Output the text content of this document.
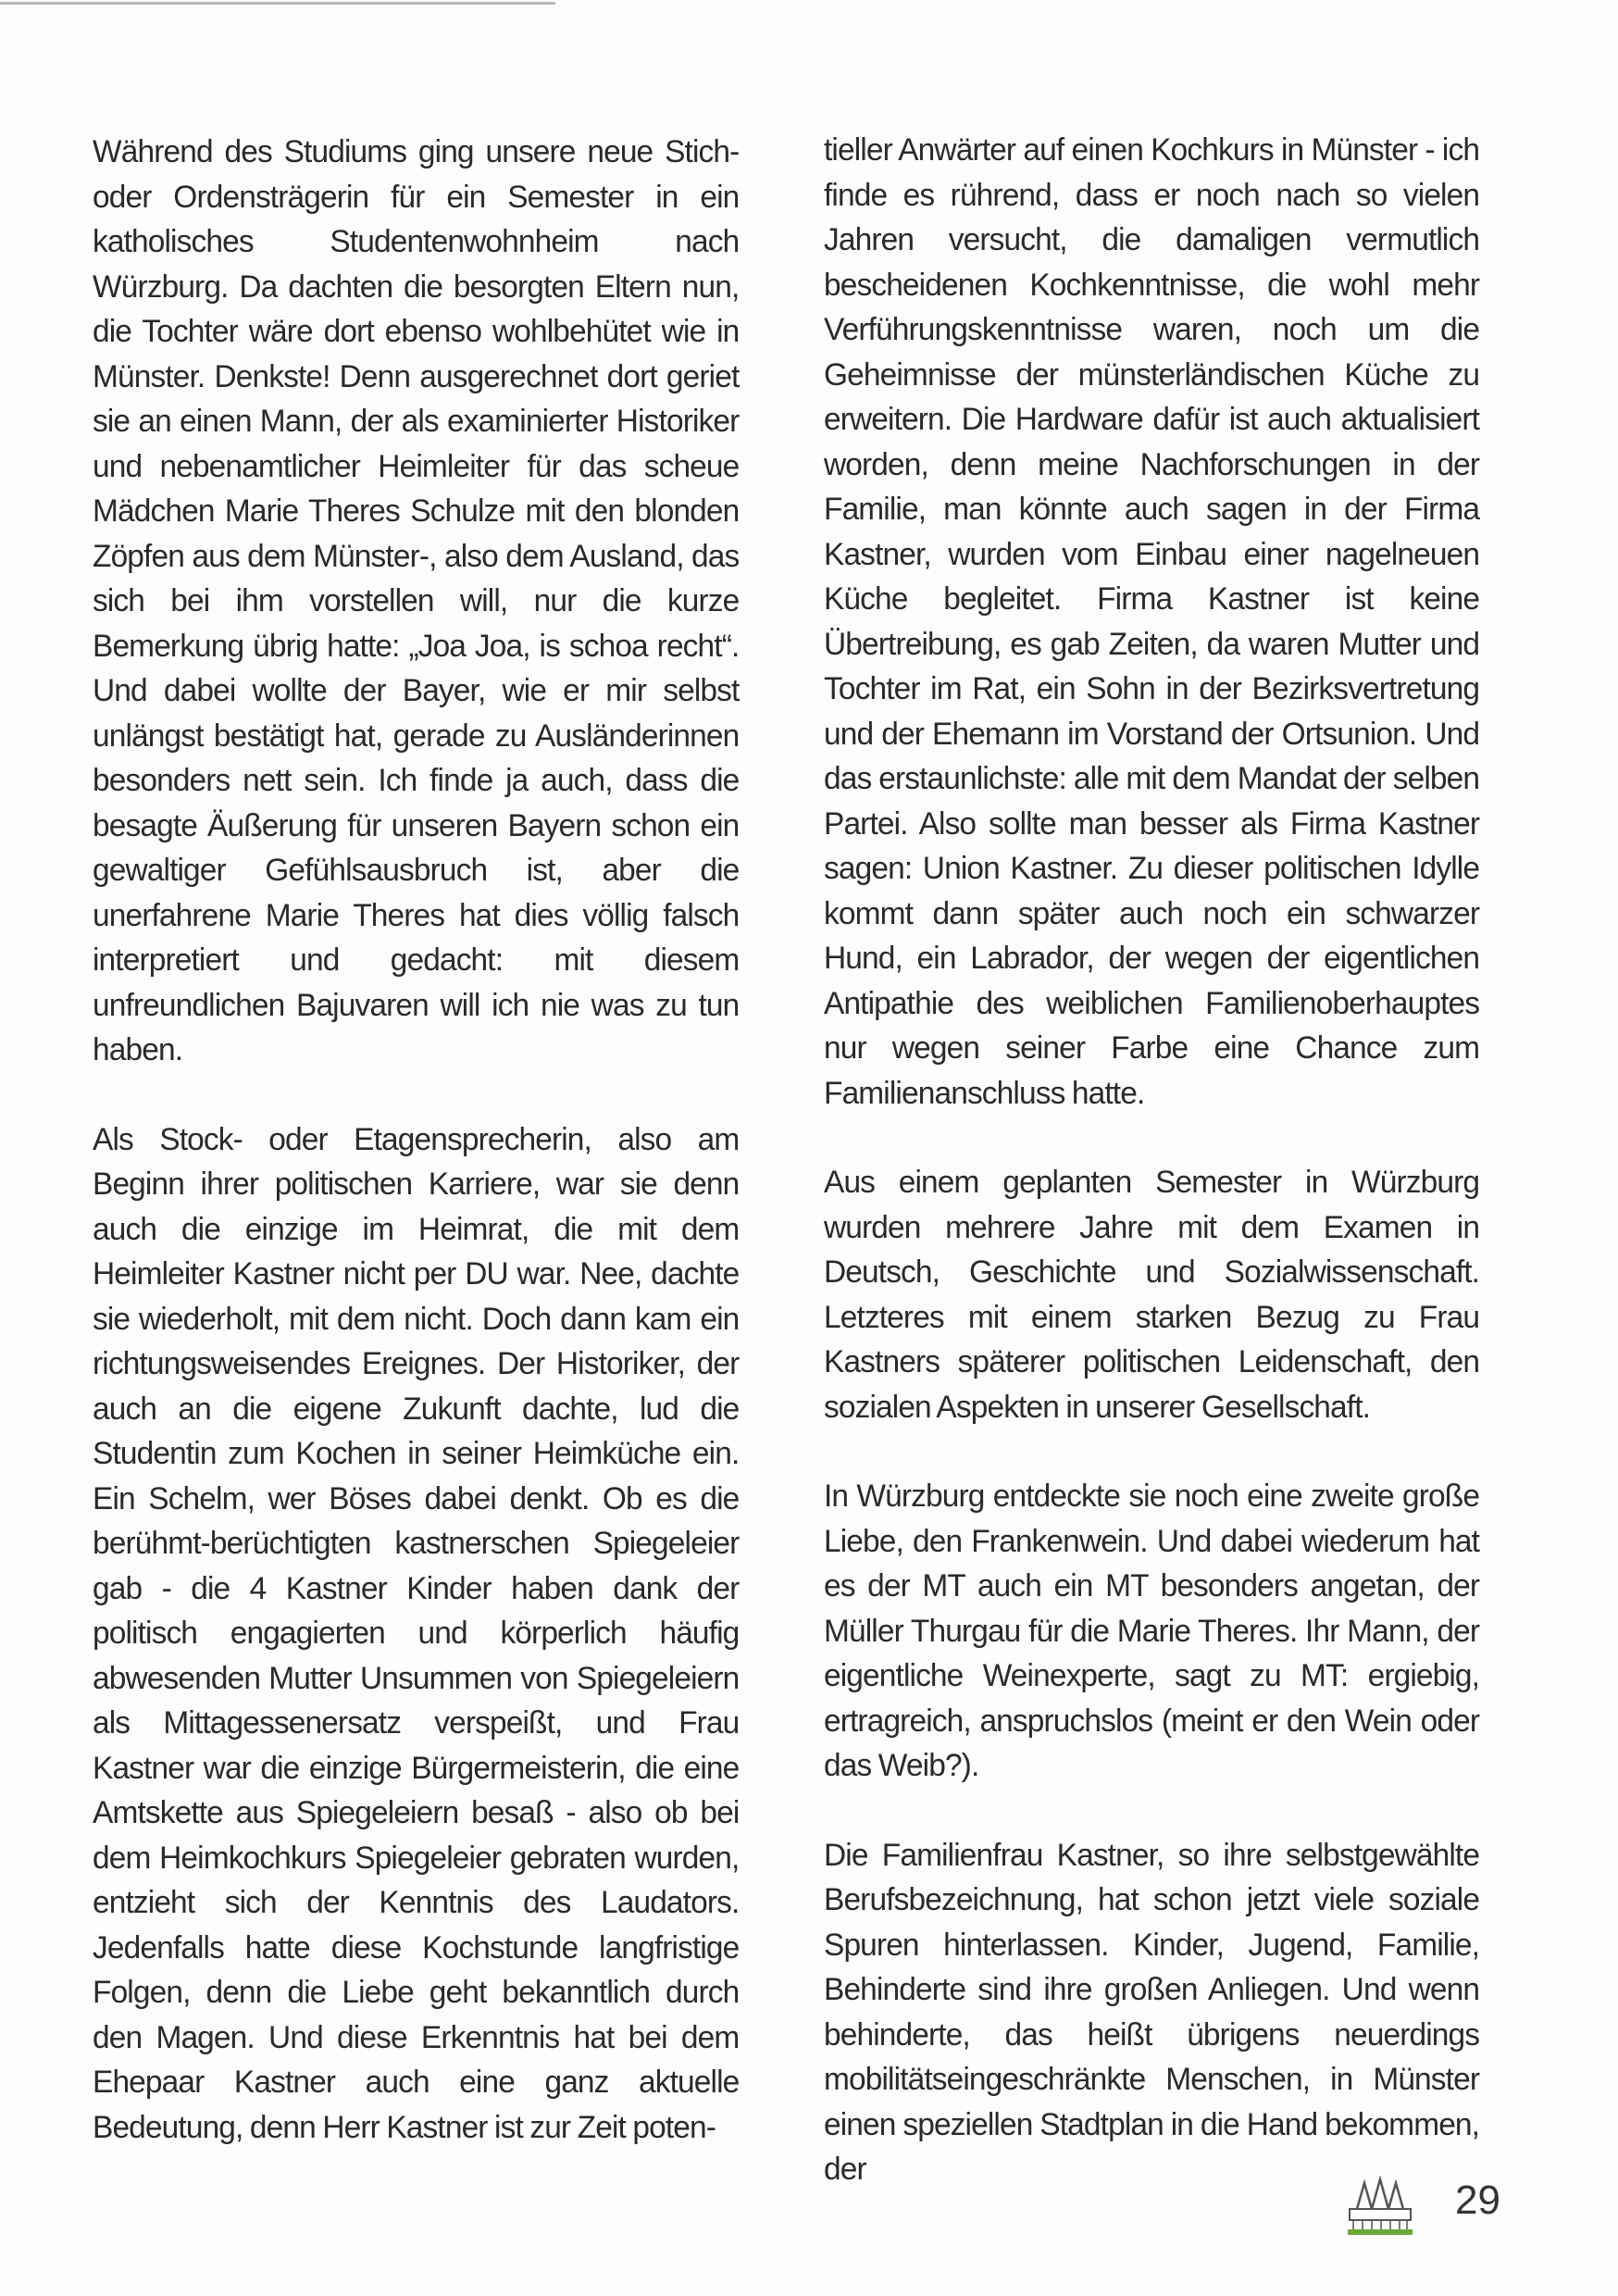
Während des Studiums ging unsere neue Stich- oder Ordensträgerin für ein Semester in ein katholisches Studentenwohnheim nach Würzburg. Da dachten die besorgten Eltern nun, die Tochter wäre dort ebenso wohlbehütet wie in Münster. Denkste! Denn ausgerechnet dort geriet sie an einen Mann, der als examinierter Historiker und nebenamtlicher Heimleiter für das scheue Mädchen Marie Theres Schulze mit den blonden Zöpfen aus dem Münster-, also dem Ausland, das sich bei ihm vorstellen will, nur die kurze Bemerkung übrig hatte: „Joa Joa, is schoa recht“. Und dabei wollte der Bayer, wie er mir selbst unlängst bestätigt hat, gerade zu Ausländerinnen besonders nett sein. Ich finde ja auch, dass die besagte Äußerung für unseren Bayern schon ein gewaltiger Gefühlsausbruch ist, aber die unerfahrene Marie Theres hat dies völlig falsch interpretiert und gedacht: mit diesem unfreundlichen Bajuvaren will ich nie was zu tun haben.

Als Stock- oder Etagensprecherin, also am Beginn ihrer politischen Karriere, war sie denn auch die einzige im Heimrat, die mit dem Heimleiter Kastner nicht per DU war. Nee, dachte sie wiederholt, mit dem nicht. Doch dann kam ein richtungsweisendes Ereignes. Der Historiker, der auch an die eigene Zukunft dachte, lud die Studentin zum Kochen in seiner Heimküche ein. Ein Schelm, wer Böses dabei denkt. Ob es die berühmt-berüchtigten kastnerschen Spiegeleier gab - die 4 Kastner Kinder haben dank der politisch engagierten und körperlich häufig abwesenden Mutter Unsummen von Spiegeleiern als Mittagessenersatz verspeißt, und Frau Kastner war die einzige Bürgermeisterin, die eine Amtskette aus Spiegeleiern besaß - also ob bei dem Heimkochkurs Spiegeleier gebraten wurden, entzieht sich der Kenntnis des Laudators. Jedenfalls hatte diese Kochstunde langfristige Folgen, denn die Liebe geht bekanntlich durch den Magen. Und diese Erkenntnis hat bei dem Ehepaar Kastner auch eine ganz aktuelle Bedeutung, denn Herr Kastner ist zur Zeit poten-

tieller Anwärter auf einen Kochkurs in Münster - ich finde es rührend, dass er noch nach so vielen Jahren versucht, die damaligen vermutlich bescheidenen Kochkenntnisse, die wohl mehr Verführungskenntnisse waren, noch um die Geheimnisse der münsterländischen Küche zu erweitern. Die Hardware dafür ist auch aktualisiert worden, denn meine Nachforschungen in der Familie, man könnte auch sagen in der Firma Kastner, wurden vom Einbau einer nagelneuen Küche begleitet. Firma Kastner ist keine Übertreibung, es gab Zeiten, da waren Mutter und Tochter im Rat, ein Sohn in der Bezirksvertretung und der Ehemann im Vorstand der Ortsunion. Und das erstaunlichste: alle mit dem Mandat der selben Partei. Also sollte man besser als Firma Kastner sagen: Union Kastner. Zu dieser politischen Idylle kommt dann später auch noch ein schwarzer Hund, ein Labrador, der wegen der eigentlichen Antipathie des weiblichen Familienoberhauptes nur wegen seiner Farbe eine Chance zum Familienanschluss hatte.

Aus einem geplanten Semester in Würzburg wurden mehrere Jahre mit dem Examen in Deutsch, Geschichte und Sozialwissenschaft. Letzteres mit einem starken Bezug zu Frau Kastners späterer politischen Leidenschaft, den sozialen Aspekten in unserer Gesellschaft.

In Würzburg entdeckte sie noch eine zweite große Liebe, den Frankenwein. Und dabei wiederum hat es der MT auch ein MT besonders angetan, der Müller Thurgau für die Marie Theres. Ihr Mann, der eigentliche Weinexperte, sagt zu MT: ergiebig, ertragreich, anspruchslos (meint er den Wein oder das Weib?).

Die Familienfrau Kastner, so ihre selbstgewählte Berufsbezeichnung, hat schon jetzt viele soziale Spuren hinterlassen. Kinder, Jugend, Familie, Behinderte sind ihre großen Anliegen. Und wenn behinderte, das heißt übrigens neuerdings mobilitätseingeschränkte Menschen, in Münster einen speziellen Stadtplan in die Hand bekommen, der

29
